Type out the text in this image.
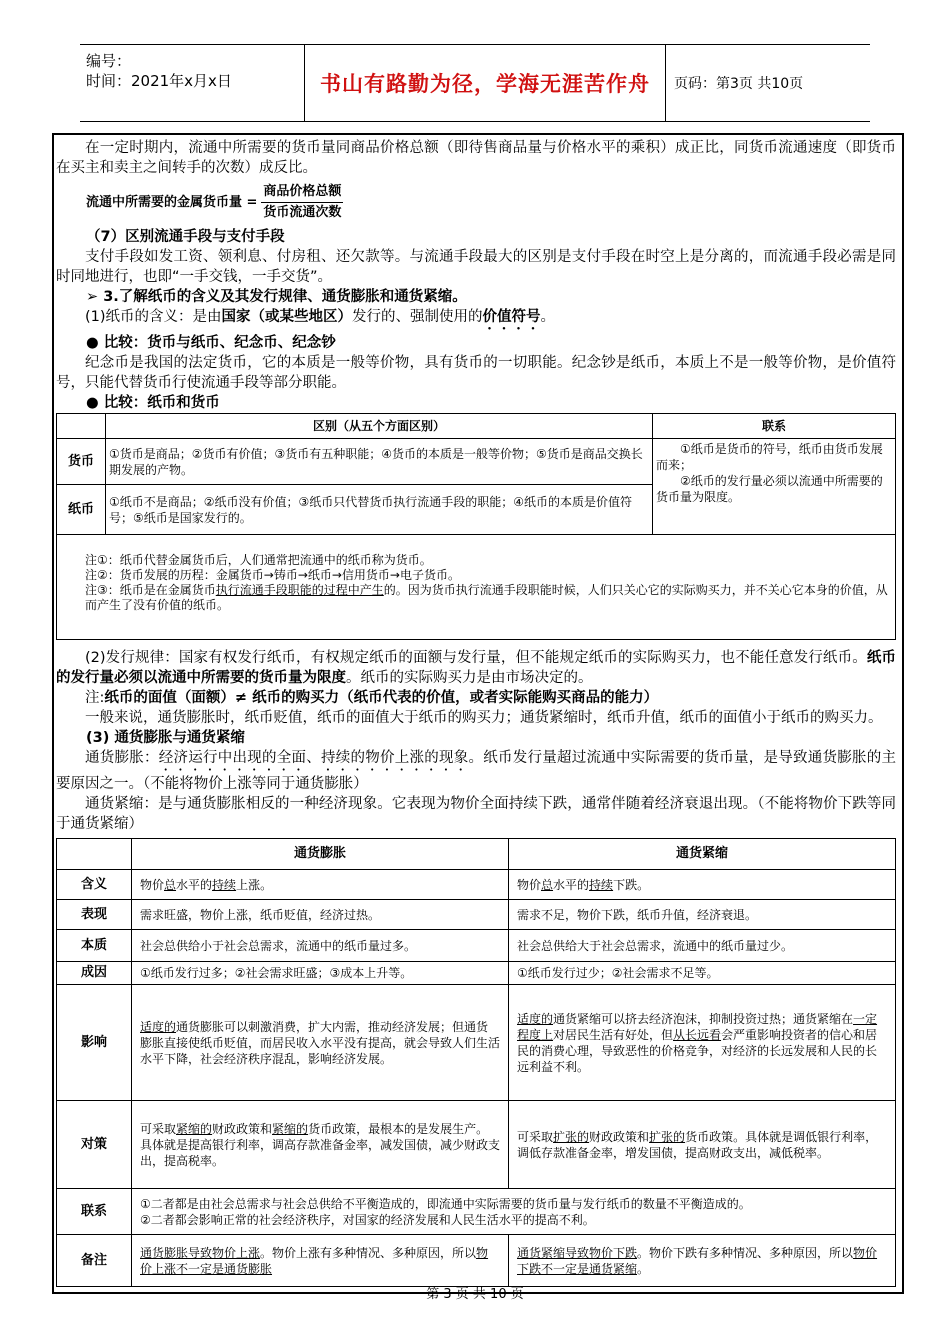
编号：
时间：2021年x月x日	书山有路勤为径，学海无涯苦作舟	页码：第3页 共10页

在一定时期内，流通中所需要的货币量同商品价格总额（即待售商品量与价格水平的乘积）成正比，同货币流通速度（即货币在买主和卖主之间转手的次数）成反比。

流通中所需要的金属货币量 =
商品价格总额
货币流通次数

（7）区别流通手段与支付手段

支付手段如发工资、领利息、付房租、还欠款等。与流通手段最大的区别是支付手段在时空上是分离的，而流通手段必需是同时同地进行，也即“一手交钱，一手交货”。

➢ 3.了解纸币的含义及其发行规律、通货膨胀和通货紧缩。

(1)纸币的含义：是由国家（或某些地区）发行的、强制使用的价值符号。

● 比较：货币与纸币、纪念币、纪念钞

纪念币是我国的法定货币，它的本质是一般等价物，具有货币的一切职能。纪念钞是纸币，本质上不是一般等价物，是价值符号，只能代替货币行使流通手段等部分职能。

● 比较：纸币和货币

	区别（从五个方面区别）	联系
货币	①货币是商品；②货币有价值；③货币有五种职能；④货币的本质是一般等价物；⑤货币是商品交换长期发展的产物。	①纸币是货币的符号，纸币由货币发展而来；
②纸币的发行量必须以流通中所需要的货币量为限度。

纸币	①纸币不是商品；②纸币没有价值；③纸币只代替货币执行流通手段的职能；④纸币的本质是价值符号；⑤纸币是国家发行的。	
注①：纸币代替金属货币后，人们通常把流通中的纸币称为货币。
注②：货币发展的历程：金属货币→铸币→纸币→信用货币→电子货币。
注③：纸币是在金属货币执行流通手段职能的过程中产生的。因为货币执行流通手段职能时候，人们只关心它的实际购买力，并不关心它本身的价值，从而产生了没有价值的纸币。

(2)发行规律：国家有权发行纸币，有权规定纸币的面额与发行量，但不能规定纸币的实际购买力，也不能任意发行纸币。纸币的发行量必须以流通中所需要的货币量为限度。纸币的实际购买力是由市场决定的。

注:纸币的面值（面额）≠ 纸币的购买力（纸币代表的价值，或者实际能购买商品的能力）

一般来说，通货膨胀时，纸币贬值，纸币的面值大于纸币的购买力；通货紧缩时，纸币升值，纸币的面值小于纸币的购买力。

(3) 通货膨胀与通货紧缩

通货膨胀：经济运行中出现的全面、持续的物价上涨的现象。纸币发行量超过流通中实际需要的货币量，是导致通货膨胀的主要原因之一。（不能将物价上涨等同于通货膨胀）

通货紧缩：是与通货膨胀相反的一种经济现象。它表现为物价全面持续下跌，通常伴随着经济衰退出现。（不能将物价下跌等同于通货紧缩）

	通货膨胀	通货紧缩
含义	物价总水平的持续上涨。	物价总水平的持续下跌。
表现	需求旺盛，物价上涨，纸币贬值，经济过热。	需求不足，物价下跌，纸币升值，经济衰退。
本质	社会总供给小于社会总需求，流通中的纸币量过多。	社会总供给大于社会总需求，流通中的纸币量过少。
成因	①纸币发行过多；②社会需求旺盛；③成本上升等。	①纸币发行过少；②社会需求不足等。
影响	适度的通货膨胀可以刺激消费，扩大内需，推动经济发展；但通货膨胀直接使纸币贬值，而居民收入水平没有提高，就会导致人们生活水平下降，社会经济秩序混乱，影响经济发展。	适度的通货紧缩可以挤去经济泡沫，抑制投资过热；通货紧缩在一定程度上对居民生活有好处，但从长远看会严重影响投资者的信心和居民的消费心理，导致恶性的价格竞争，对经济的长远发展和人民的长远利益不利。
对策	可采取紧缩的财政政策和紧缩的货币政策，最根本的是发展生产。具体就是提高银行利率，调高存款准备金率，减发国债，减少财政支出，提高税率。	可采取扩张的财政政策和扩张的货币政策。具体就是调低银行利率，调低存款准备金率，增发国债，提高财政支出，减低税率。
联系	①二者都是由社会总需求与社会总供给不平衡造成的，即流通中实际需要的货币量与发行纸币的数量不平衡造成的。
②二者都会影响正常的社会经济秩序，对国家的经济发展和人民生活水平的提高不利。	

备注	通货膨胀导致物价上涨。物价上涨有多种情况、多种原因，所以物价上涨不一定是通货膨胀	通货紧缩导致物价下跌。物价下跌有多种情况、多种原因，所以物价下跌不一定是通货紧缩。
第 3 页 共 10 页
